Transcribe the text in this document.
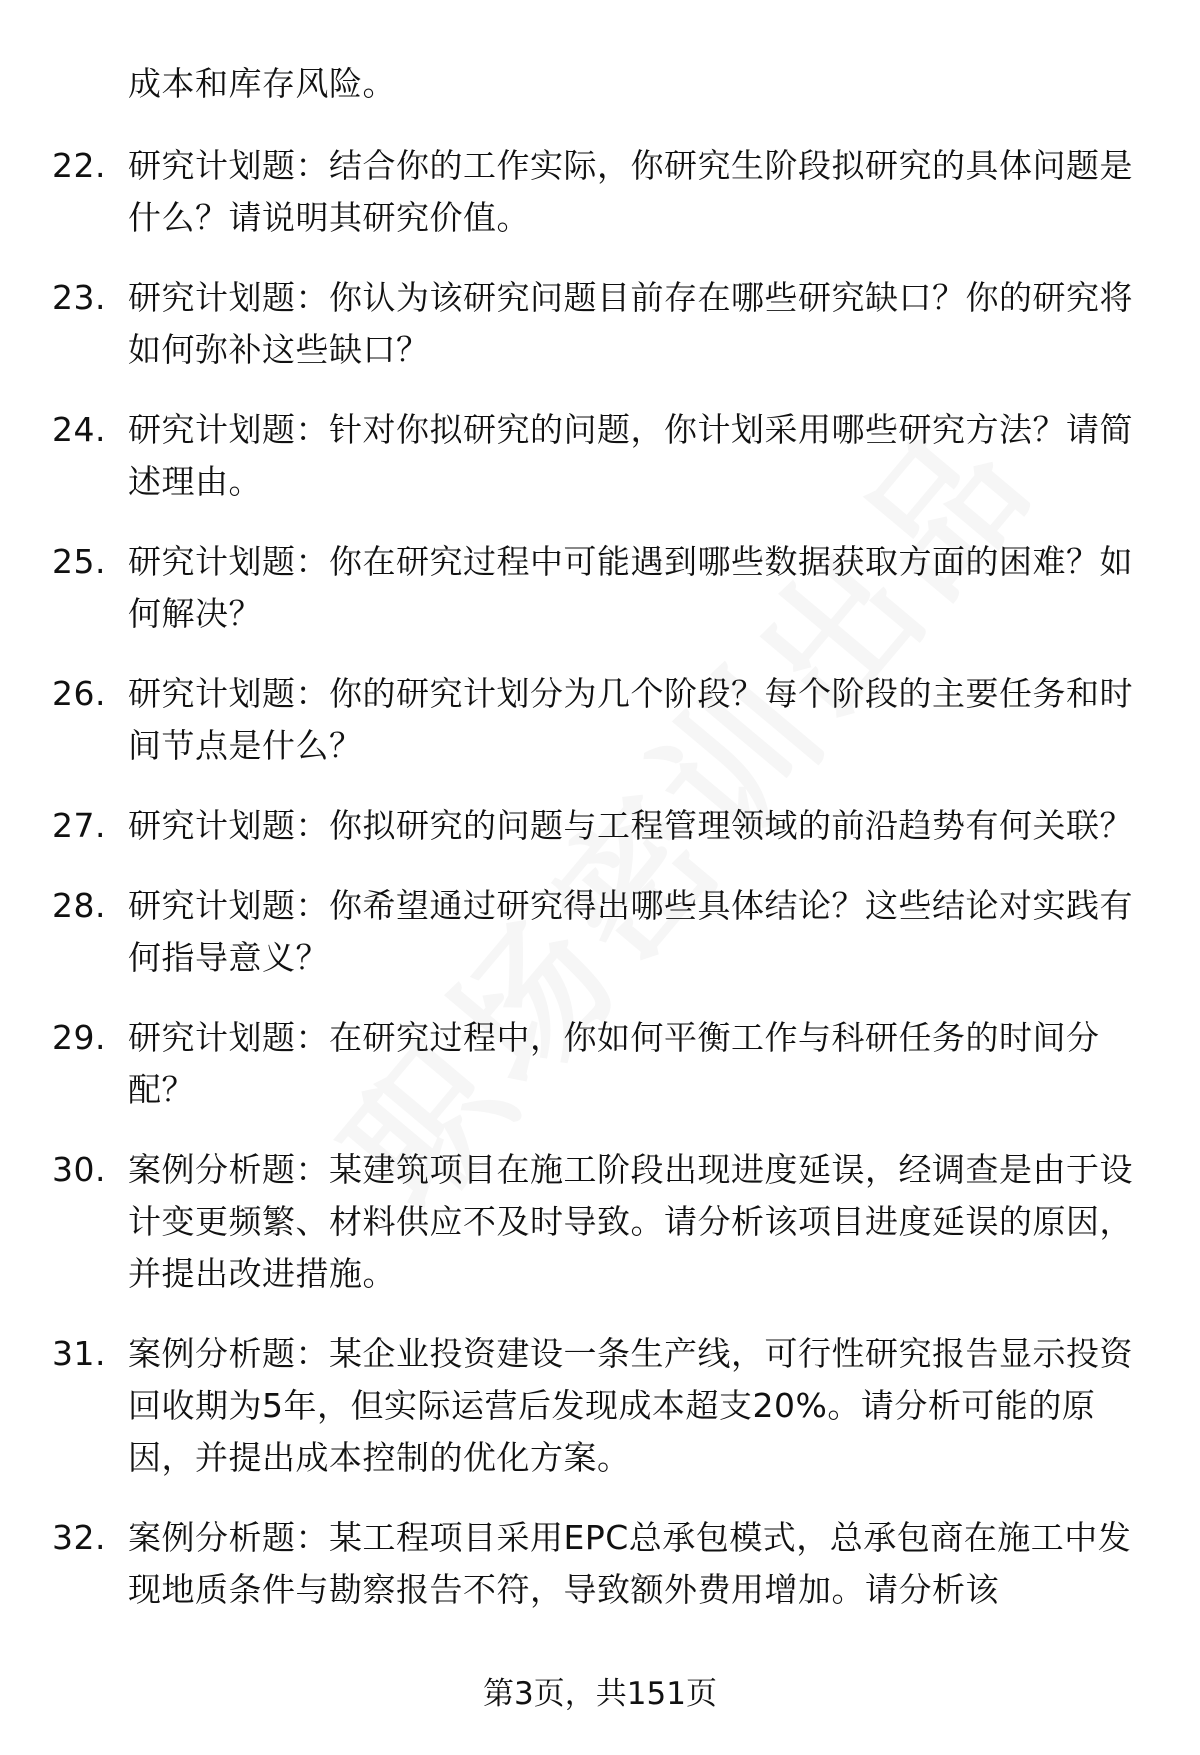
成本和库存风险。
22. 研究计划题：结合你的工作实际，你研究生阶段拟研究的具体问题是什么？请说明其研究价值。
23. 研究计划题：你认为该研究问题目前存在哪些研究缺口？你的研究将如何弥补这些缺口？
24. 研究计划题：针对你拟研究的问题，你计划采用哪些研究方法？请简述理由。
25. 研究计划题：你在研究过程中可能遇到哪些数据获取方面的困难？如何解决？
26. 研究计划题：你的研究计划分为几个阶段？每个阶段的主要任务和时间节点是什么？
27. 研究计划题：你拟研究的问题与工程管理领域的前沿趋势有何关联？
28. 研究计划题：你希望通过研究得出哪些具体结论？这些结论对实践有何指导意义？
29. 研究计划题：在研究过程中，你如何平衡工作与科研任务的时间分配？
30. 案例分析题：某建筑项目在施工阶段出现进度延误，经调查是由于设计变更频繁、材料供应不及时导致。请分析该项目进度延误的原因，并提出改进措施。
31. 案例分析题：某企业投资建设一条生产线，可行性研究报告显示投资回收期为5年，但实际运营后发现成本超支20%。请分析可能的原因，并提出成本控制的优化方案。
32. 案例分析题：某工程项目采用EPC总承包模式，总承包商在施工中发现地质条件与勘察报告不符，导致额外费用增加。请分析该
第3页，共151页
